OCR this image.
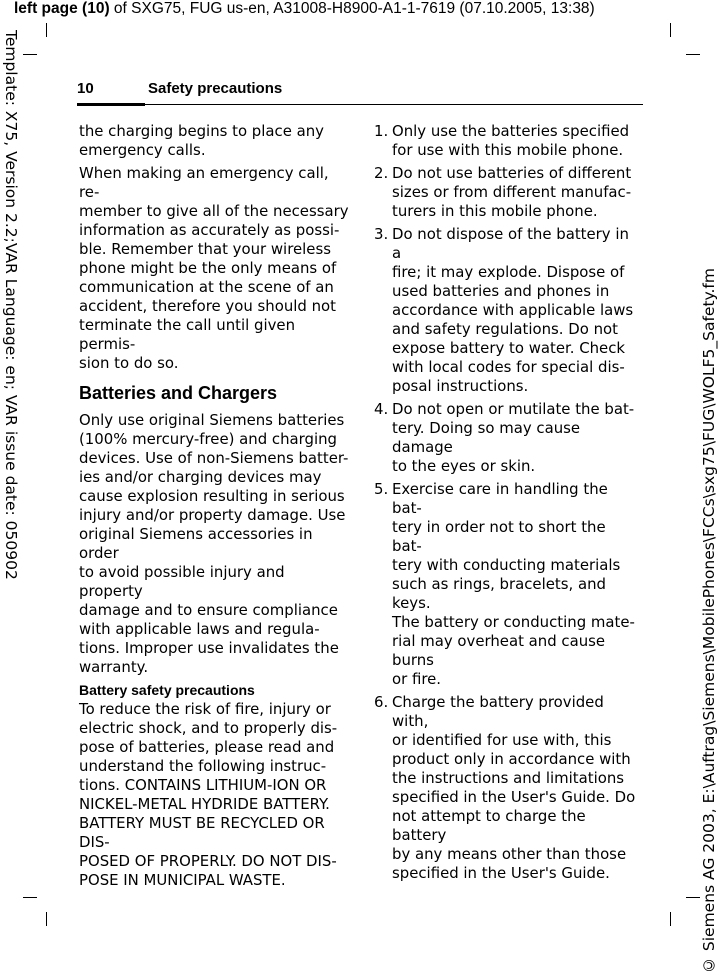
left page (10) of SXG75, FUG us-en, A31008-H8900-A1-1-7619 (07.10.2005, 13:38)
Template: X75, Version 2.2;VAR Language: en; VAR issue date: 050902	© Siemens AG 2003, E:\Auftrag\Siemens\MobilePhones\FCCs\sxg75\FUG\WOLF5_Safety.fm
10	Safety precautions

the charging begins to place any
emergency calls.

When making an emergency call, re-
member to give all of the necessary
information as accurately as possi-
ble. Remember that your wireless
phone might be the only means of
communication at the scene of an
accident, therefore you should not
terminate the call until given permis-
sion to do so.

Batteries and Chargers

Only use original Siemens batteries
(100% mercury-free) and charging
devices. Use of non-Siemens batter-
ies and/or charging devices may
cause explosion resulting in serious
injury and/or property damage. Use
original Siemens accessories in order
to avoid possible injury and property
damage and to ensure compliance
with applicable laws and regula-
tions. Improper use invalidates the
warranty.

Battery safety precautions

To reduce the risk of fire, injury or
electric shock, and to properly dis-
pose of batteries, please read and
understand the following instruc-
tions. CONTAINS LITHIUM-ION OR
NICKEL-METAL HYDRIDE BATTERY.
BATTERY MUST BE RECYCLED OR DIS-
POSED OF PROPERLY. DO NOT DIS-
POSE IN MUNICIPAL WASTE.

1. Only use the batteries specified
for use with this mobile phone.
2. Do not use batteries of different
sizes or from different manufac-
turers in this mobile phone.
3. Do not dispose of the battery in a
fire; it may explode. Dispose of
used batteries and phones in
accordance with applicable laws
and safety regulations. Do not
expose battery to water. Check
with local codes for special dis-
posal instructions.
4. Do not open or mutilate the bat-
tery. Doing so may cause damage
to the eyes or skin.
5. Exercise care in handling the bat-
tery in order not to short the bat-
tery with conducting materials
such as rings, bracelets, and keys.
The battery or conducting mate-
rial may overheat and cause burns
or fire.
6. Charge the battery provided with,
or identified for use with, this
product only in accordance with
the instructions and limitations
specified in the User's Guide. Do
not attempt to charge the battery
by any means other than those
specified in the User's Guide.
